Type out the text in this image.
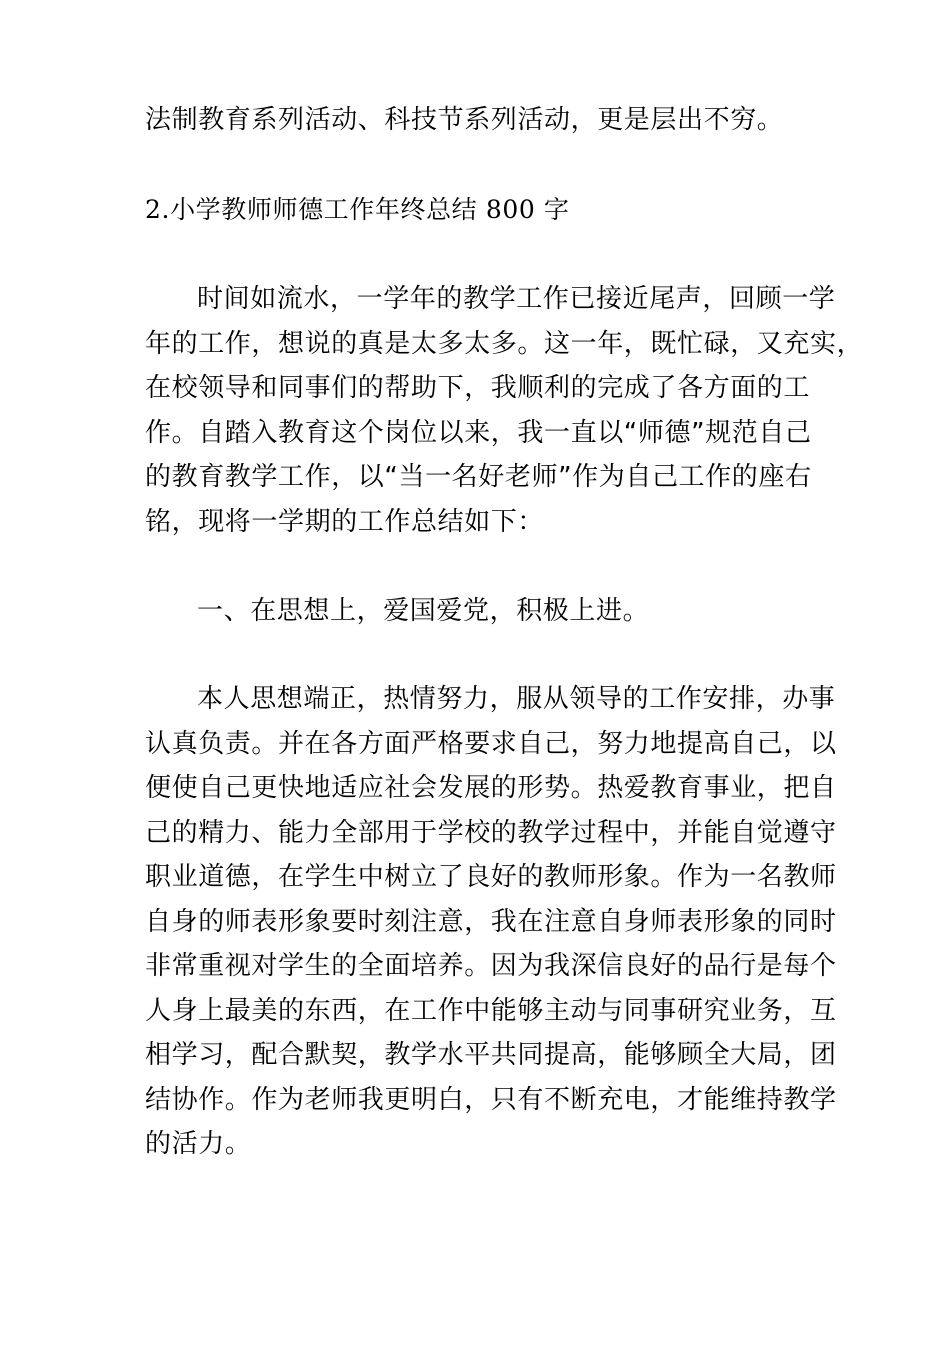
法制教育系列活动、科技节系列活动，更是层出不穷。
2.小学教师师德工作年终总结 800 字
时间如流水，一学年的教学工作已接近尾声，回顾一学
年的工作，想说的真是太多太多。这一年，既忙碌，又充实，
在校领导和同事们的帮助下，我顺利的完成了各方面的工
作。自踏入教育这个岗位以来，我一直以“师德”规范自己
的教育教学工作，以“当一名好老师”作为自己工作的座右
铭，现将一学期的工作总结如下：
一、在思想上，爱国爱党，积极上进。
本人思想端正，热情努力，服从领导的工作安排，办事
认真负责。并在各方面严格要求自己，努力地提高自己，以
便使自己更快地适应社会发展的形势。热爱教育事业，把自
己的精力、能力全部用于学校的教学过程中，并能自觉遵守
职业道德，在学生中树立了良好的教师形象。作为一名教师
自身的师表形象要时刻注意，我在注意自身师表形象的同时
非常重视对学生的全面培养。因为我深信良好的品行是每个
人身上最美的东西，在工作中能够主动与同事研究业务，互
相学习，配合默契，教学水平共同提高，能够顾全大局，团
结协作。作为老师我更明白，只有不断充电，才能维持教学
的活力。
